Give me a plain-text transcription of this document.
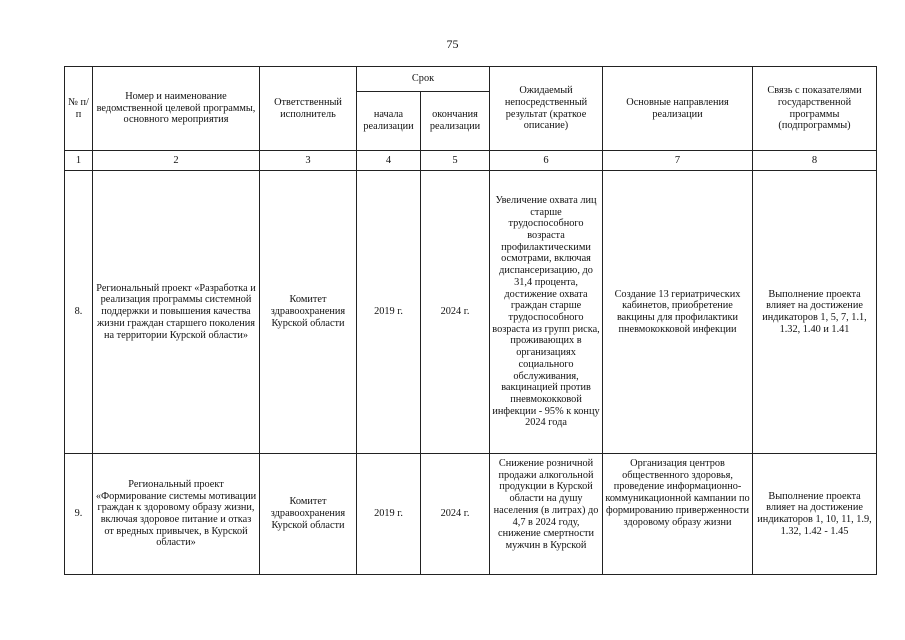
75
№ п/п	Номер и наименование ведомственной целевой программы, основного мероприятия	Ответственный исполнитель	Срок		Ожидаемый непосредственный результат (краткое описание)	Основные направления реализации	Связь с показателями государственной программы (подпрограммы)
			начала реализации	окончания реализации			
1	2	3	4	5	6	7	8
8.	Региональный проект «Разработка и реализация программы системной поддержки и повышения качества жизни граждан старшего поколения на территории Курской области»	Комитет здравоохранения Курской области	2019 г.	2024 г.	Увеличение охвата лиц старше трудоспособного возраста профилактическими осмотрами, включая диспансеризацию, до 31,4 процента, достижение охвата граждан старше трудоспособного возраста из групп риска, проживающих в организациях социального обслуживания, вакцинацией против пневмококковой инфекции - 95% к концу 2024 года	Создание 13 гериатрических кабинетов, приобретение вакцины для профилактики пневмококковой инфекции	Выполнение проекта влияет на достижение индикаторов 1, 5, 7, 1.1, 1.32, 1.40 и 1.41
9.	Региональный проект «Формирование системы мотивации граждан к здоровому образу жизни, включая здоровое питание и отказ от вредных привычек, в Курской области»	Комитет здравоохранения Курской области	2019 г.	2024 г.	Снижение розничной продажи алкогольной продукции в Курской области на душу населения (в литрах) до 4,7 в 2024 году, снижение смертности мужчин в Курской	Организация центров общественного здоровья, проведение информационно-коммуникационной кампании по формированию приверженности здоровому образу жизни	Выполнение проекта влияет на достижение индикаторов 1, 10, 11, 1.9, 1.32, 1.42 - 1.45
